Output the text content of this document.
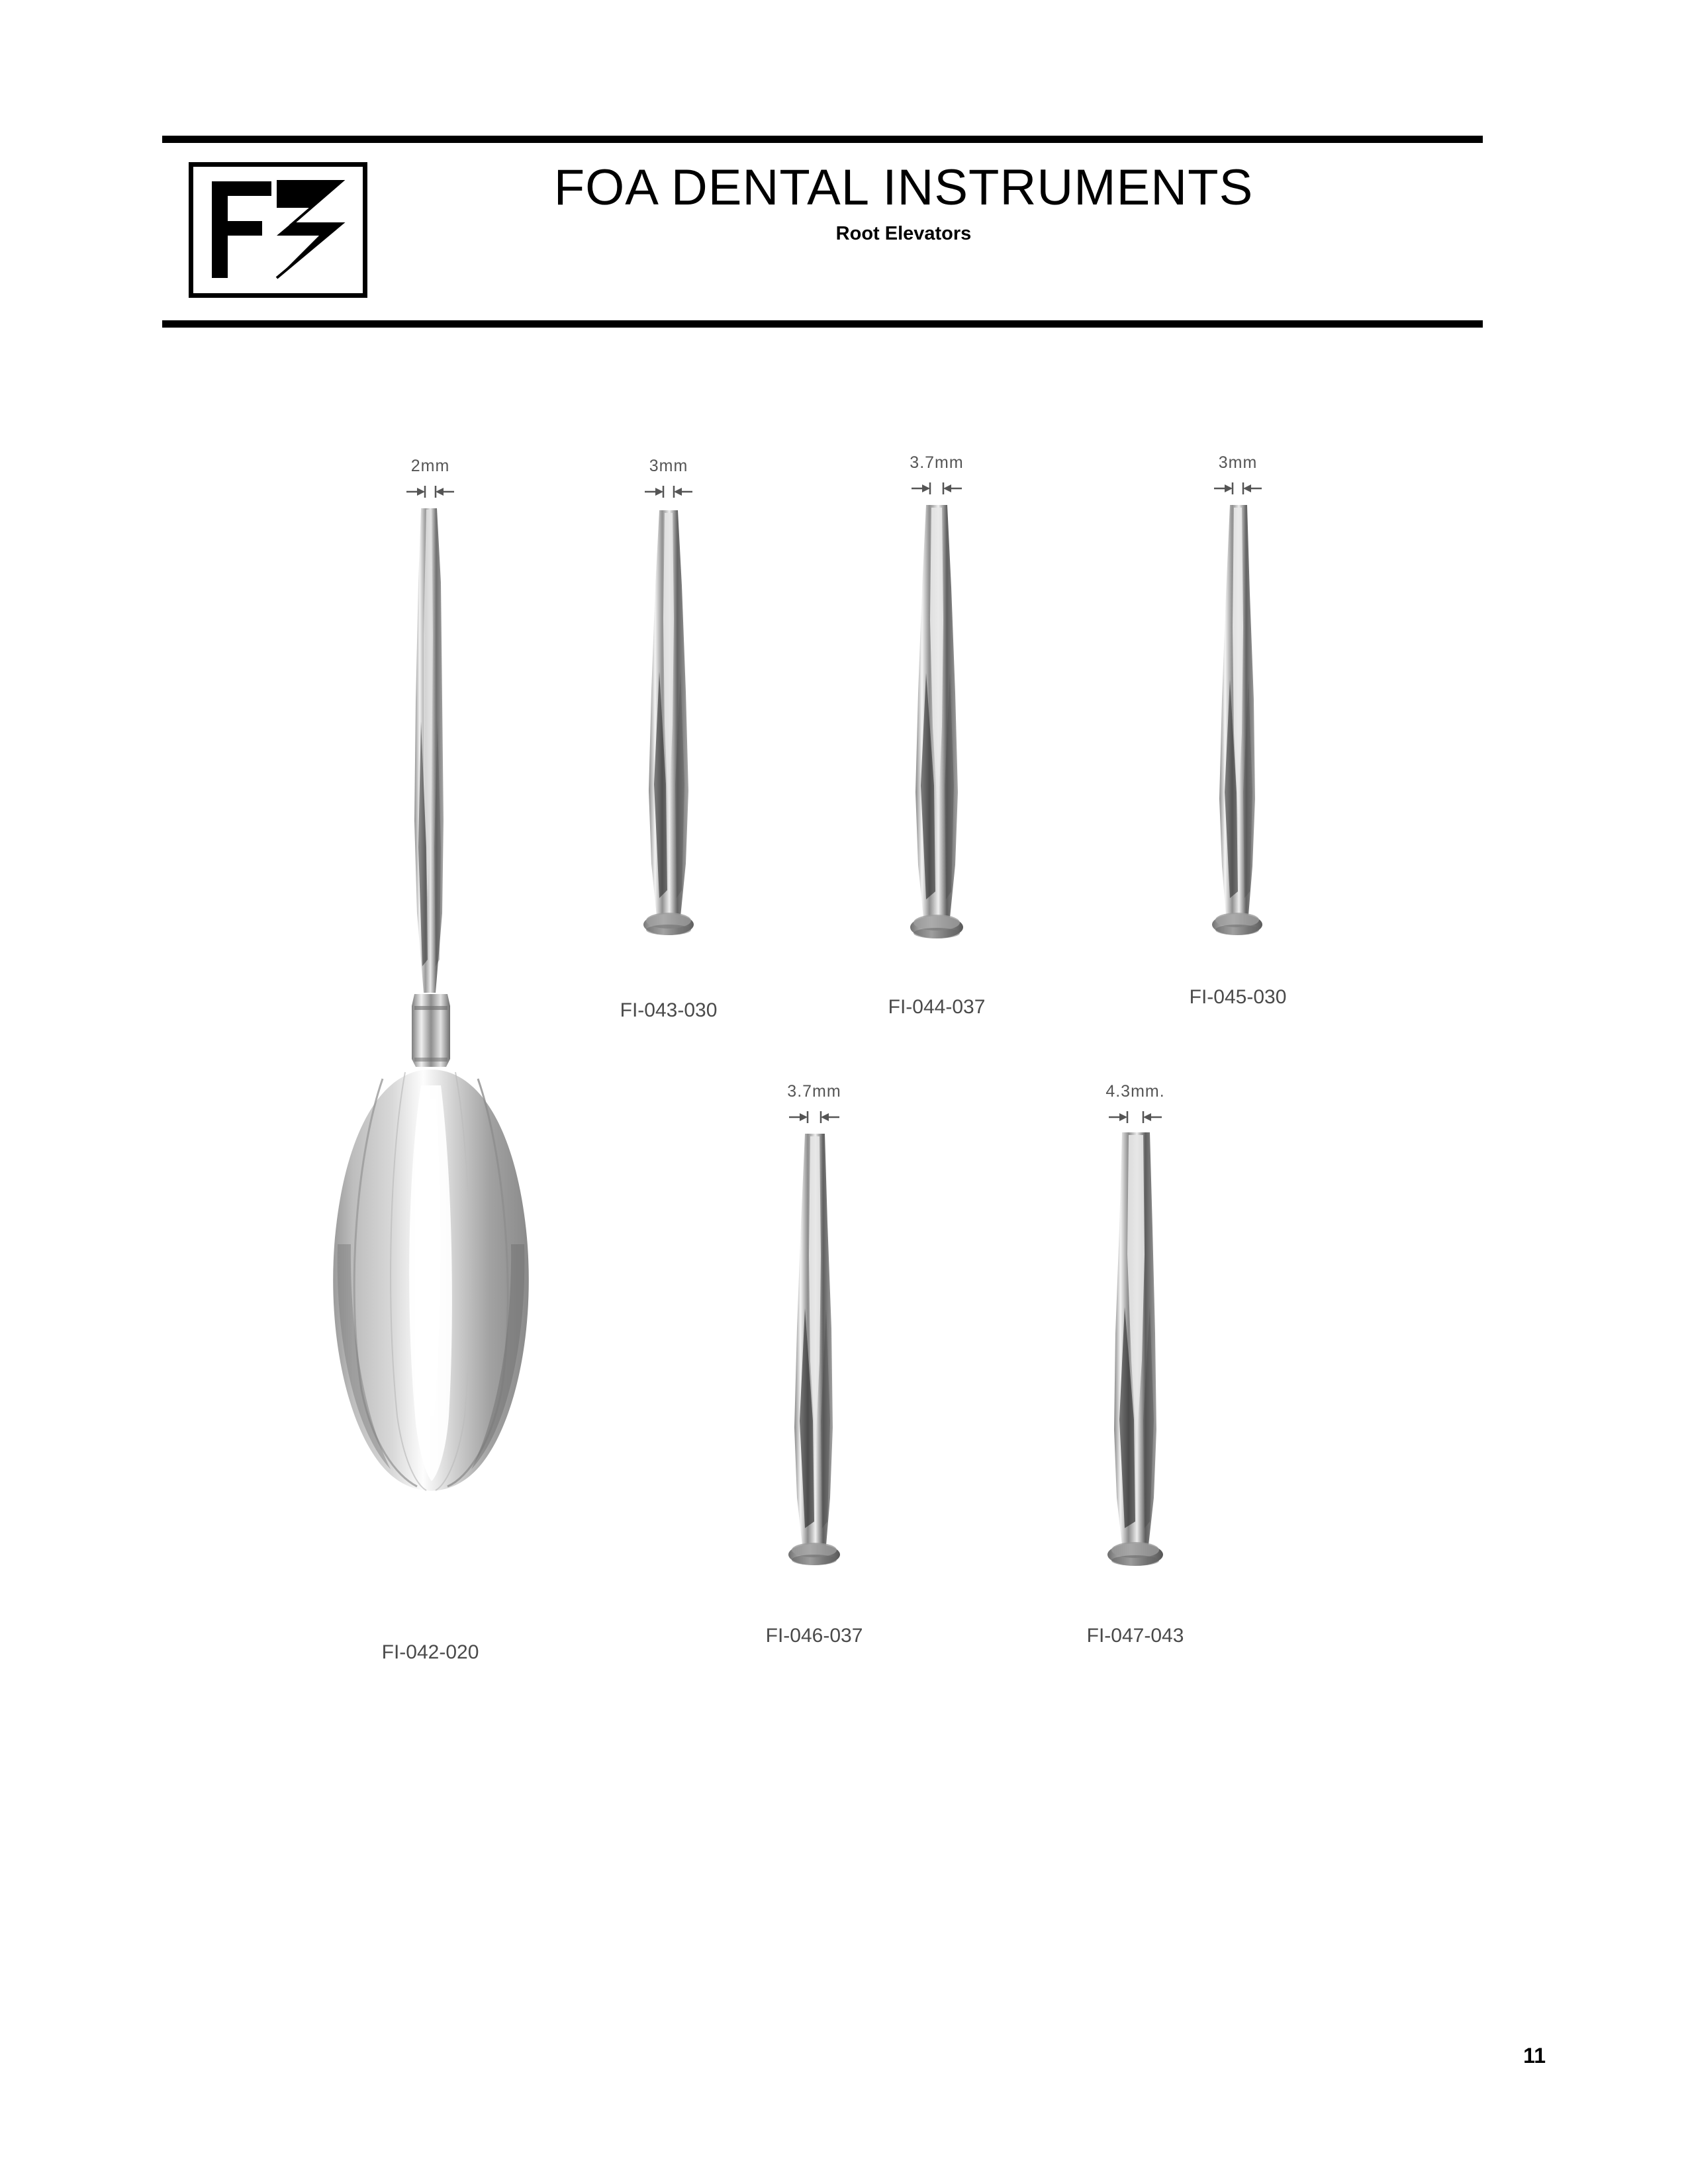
FOA DENTAL INSTRUMENTS
Root Elevators
2mm
FI-042-020
3mm
FI-043-030
3.7mm
FI-044-037
3mm
FI-045-030
3.7mm
FI-046-037
4.3mm.
FI-047-043
11
